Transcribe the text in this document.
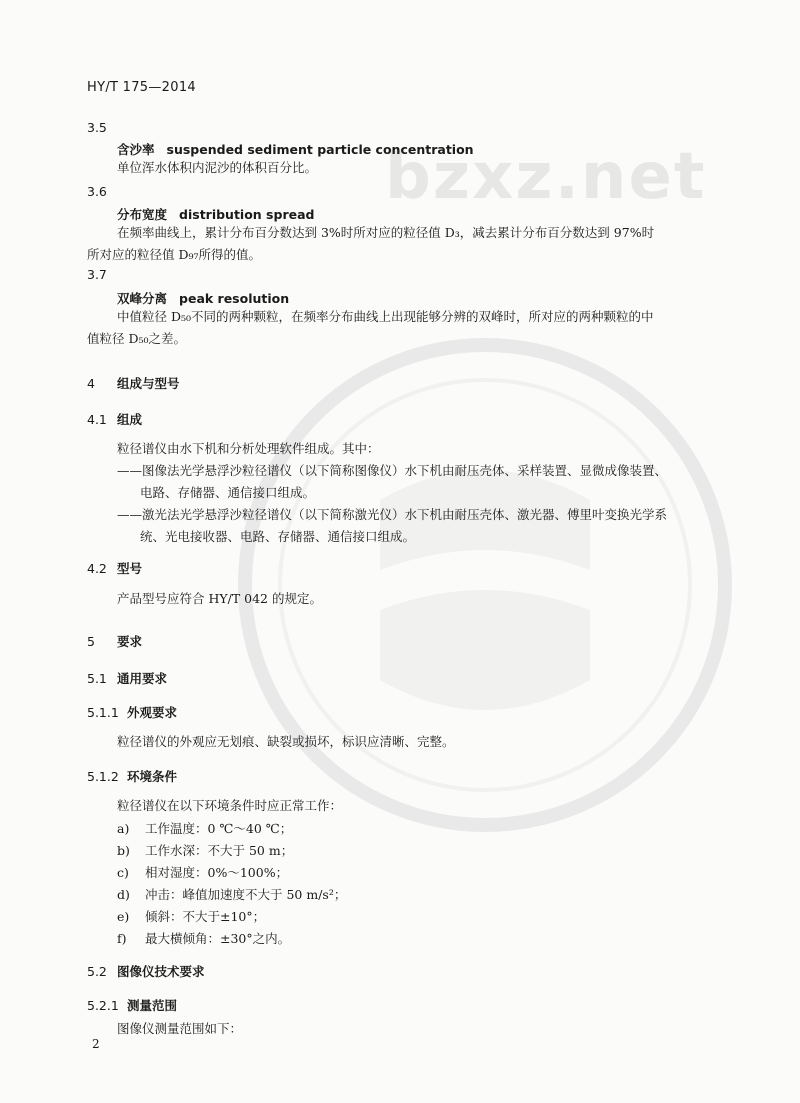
bzxz.net
HY/T 175—2014
3.5
含沙率 suspended sediment particle concentration
单位浑水体积内泥沙的体积百分比。
3.6
分布宽度 distribution spread
在频率曲线上，累计分布百分数达到 3%时所对应的粒径值 D₃，减去累计分布百分数达到 97%时
所对应的粒径值 D₉₇所得的值。
3.7
双峰分离 peak resolution
中值粒径 D₅₀不同的两种颗粒，在频率分布曲线上出现能够分辨的双峰时，所对应的两种颗粒的中
值粒径 D₅₀之差。
4 组成与型号
4.1 组成
粒径谱仪由水下机和分析处理软件组成。其中：
——图像法光学悬浮沙粒径谱仪（以下简称图像仪）水下机由耐压壳体、采样装置、显微成像装置、
电路、存储器、通信接口组成。
——激光法光学悬浮沙粒径谱仪（以下简称激光仪）水下机由耐压壳体、激光器、傅里叶变换光学系
统、光电接收器、电路、存储器、通信接口组成。
4.2 型号
产品型号应符合 HY/T 042 的规定。
5 要求
5.1 通用要求
5.1.1 外观要求
粒径谱仪的外观应无划痕、缺裂或损坏，标识应清晰、完整。
5.1.2 环境条件
粒径谱仪在以下环境条件时应正常工作：
a) 工作温度：0 ℃～40 ℃；
b) 工作水深：不大于 50 m；
c) 相对湿度：0%～100%；
d) 冲击：峰值加速度不大于 50 m/s²；
e) 倾斜：不大于±10°；
f) 最大横倾角：±30°之内。
5.2 图像仪技术要求
5.2.1 测量范围
图像仪测量范围如下：
2
